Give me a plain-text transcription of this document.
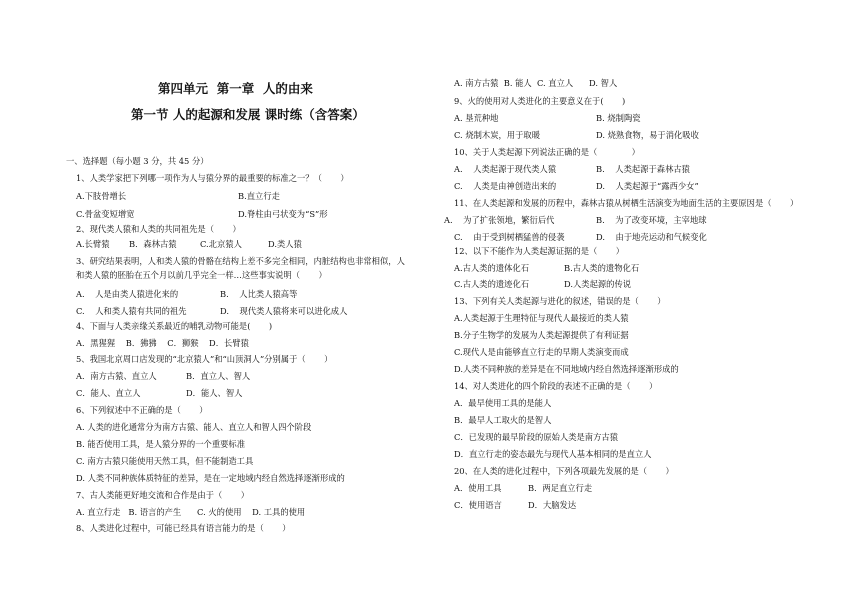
第四单元  第一章  人的由来
第一节 人的起源和发展 课时练（含答案）
一、选择题（每小题 3 分，共 45 分）
1、人类学家把下列哪一项作为人与猿分界的最重要的标准之一？（       ）
A.下肢骨增长	B.直立行走
C.骨盆变短增宽	D.脊柱由弓状变为“S”形
2、现代类人猿和人类的共同祖先是（       ）
A.长臂猿 B．森林古猿	C.北京猿人	D.类人猿
3、研究结果表明，人和类人猿的骨骼在结构上差不多完全相同，内脏结构也非常相似，人
和类人猿的胚胎在五个月以前几乎完全一样…这些事实说明（       ）
A.    人是由类人猿进化来的	B.    人比类人猿高等
C.    人和类人猿有共同的祖先	D.    现代类人猿将来可以进化成人
4、下面与人类亲缘关系最近的哺乳动物可能是(       )
A．黑猩猩    B．狒狒    C．狮猴    D．长臂猿
5、我国北京周口店发现的“北京猿人”和“山顶洞人”分别属于（       ）
A．南方古猿、直立人	B．直立人、智人
C．能人、直立人	D．能人、智人
6、下列叙述中不正确的是（       ）
A. 人类的进化通常分为南方古猿、能人、直立人和智人四个阶段
B. 能否使用工具，是人猿分界的一个重要标准
C. 南方古猿只能使用天然工具，但不能制造工具
D. 人类不同种族体质特征的差异，是在一定地域内经自然选择逐渐形成的
7、古人类能更好地交流和合作是由于（       ）
A. 直立行走   B. 语言的产生      C. 火的使用    D. 工具的使用
8、人类进化过程中，可能已经具有语言能力的是（       ）
A. 南方古猿  B. 能人  C. 直立人      D. 智人
9、火的使用对人类进化的主要意义在于(       )
A. 垦荒种地	B. 烧制陶瓷
C. 烧制木炭，用于取暖	D. 烧熟食物，易于消化吸收
10、关于人类起源下列说法正确的是（             ）
A.    人类起源于现代类人猿	B.    人类起源于森林古猿
C.    人类是由神创造出来的	D.    人类起源于“露西少女”
11、在人类起源和发展的历程中，森林古猿从树栖生活演变为地面生活的主要原因是（       ）
A.    为了扩张领地，繁衍后代	B.    为了改变环境，主宰地球
C.    由于受到树栖猛兽的侵袭	D.    由于地壳运动和气候变化
12、以下不能作为人类起源证据的是（       ）
A.古人类的遗体化石	B.古人类的遗物化石
C.古人类的遗迹化石	D.人类起源的传说
13、下列有关人类起源与进化的叙述，错误的是（       ）
A.人类起源于生理特征与现代人最接近的类人猿
B.分子生物学的发展为人类起源提供了有利证据
C.现代人是由能够直立行走的早期人类演变而成
D.人类不同种族的差异是在不同地域内经自然选择逐渐形成的
14、对人类进化的四个阶段的表述不正确的是（       ）
A．最早使用工具的是能人
B．最早人工取火的是智人
C．已发现的最早阶段的原始人类是南方古猿
D．直立行走的姿态最先与现代人基本相同的是直立人
20、在人类的进化过程中，下列各项最先发展的是（       ）
A．使用工具	B．两足直立行走
C．使用语言	D．大脑发达
